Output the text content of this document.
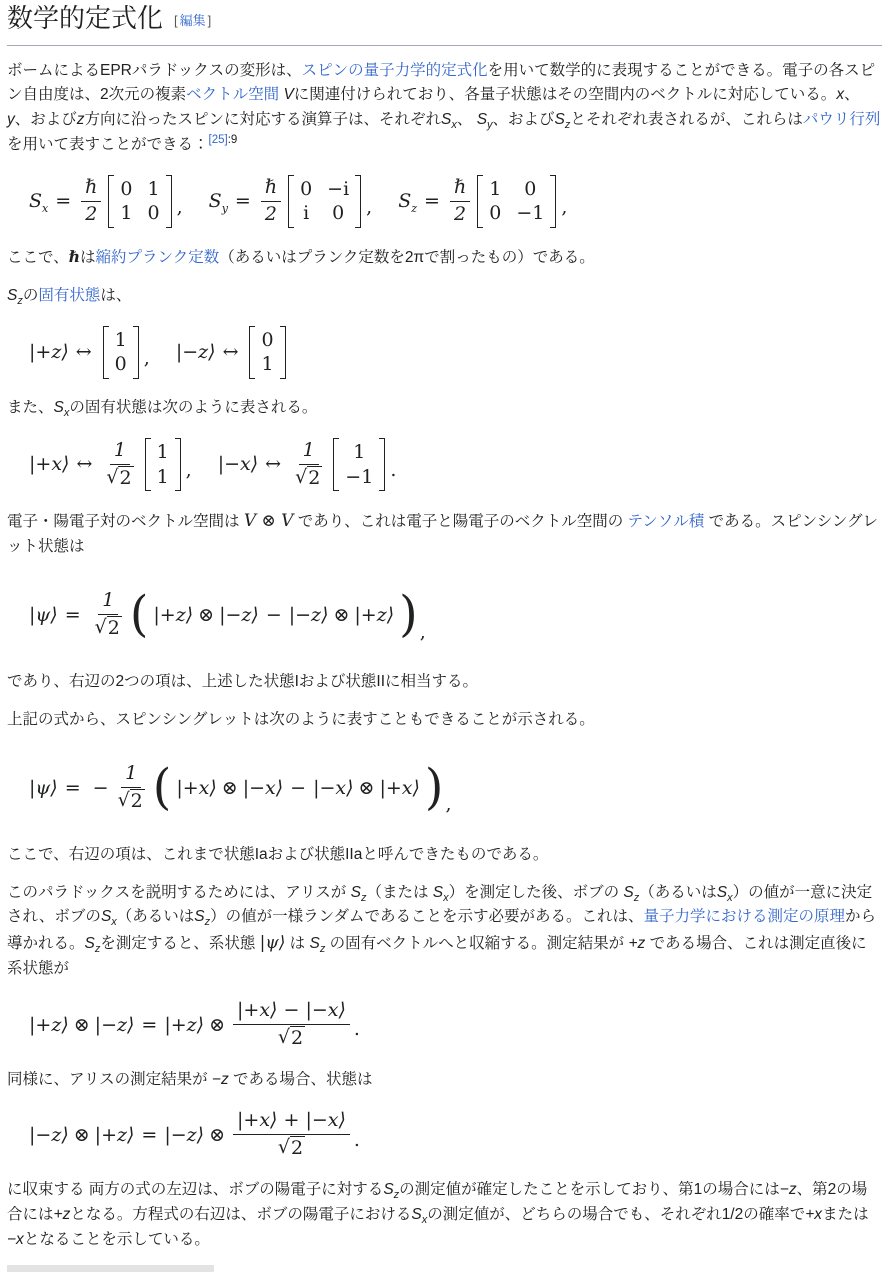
数学的定式化 [ 編集 ]

ボームによるEPRパラドックスの変形は、スピンの量子力学的定式化を用いて数学的に表現することができる。電子の各スピン自由度は、2次元の複素ベクトル空間 Vに関連付けられており、各量子状態はその空間内のベクトルに対応している。x、y、およびz方向に沿ったスピンに対応する演算子は、それぞれ$S_x$、 $S_y$、および$S_z$とそれぞれ表されるが、これらはパウリ行列を用いて表すことができる：$^{[25]:9}$

$S_x = \frac{\text{ℏ}}{2} 0$ 1
1 0 , $S_y = \frac{\text{ℏ}}{2} 0 -i$
i 0 , $S_z = \frac{\text{ℏ}}{2} 1$	0
0 −1 ,

ここで、ℏは縮約プランク定数（あるいはプランク定数を2πで割ったもの）である。

$S_z$の固有状態は、

|+z⟩ ↔
1
0 , |−z⟩ ↔
0
1

また、$S_x$の固有状態は次のように表される。

|+x⟩ ↔ $\frac{1}{√ 2} 1$
1 , |−x⟩ ↔ $\frac{1}{√ 2}$	1
−1 .

電子・陽電子対のベクトル空間は V ⊗ V であり、これは電子と陽電子のベクトル空間の テンソル積 である。スピンシングレット状態は

|ψ⟩ = $\frac{1}{√ 2}$ ( |+z⟩ ⊗ |−z⟩ − |−z⟩ ⊗ |+z⟩ ) ,

であり、右辺の2つの項は、上述した状態Iおよび状態IIに相当する。

上記の式から、スピンシングレットは次のように表すこともできることが示される。

|ψ⟩ = − $\frac{1}{√ 2}$ ( |+x⟩ ⊗ |−x⟩ − |−x⟩ ⊗ |+x⟩ ) ,

ここで、右辺の項は、これまで状態Iaおよび状態IIaと呼んできたものである。

このパラドックスを説明するためには、アリスが $S_z$（または $S_x$）を測定した後、ボブの $S_z$（あるいは$S_x$）の値が一意に決定され、ボブの$S_x$（あるいは$S_z$）の値が一様ランダムであることを示す必要がある。これは、量子力学における測定の原理から導かれる。$S_z$を測定すると、系状態 |ψ⟩ は $S_z$ の固有ベクトルへと収縮する。測定結果が +z である場合、これは測定直後に系状態が

|+z⟩ ⊗ |−z⟩ = |+z⟩ ⊗ $\frac{|+x⟩ - |-x⟩}{√ 2}$ .

同様に、アリスの測定結果が −z である場合、状態は

|−z⟩ ⊗ |+z⟩ = |−z⟩ ⊗ $\frac{|+x⟩ + |-x⟩}{√ 2}$ .

に収束する 両方の式の左辺は、ボブの陽電子に対する$S_z$の測定値が確定したことを示しており、第1の場合には−z、第2の場合には+zとなる。方程式の右辺は、ボブの陽電子における$S_x$の測定値が、どちらの場合でも、それぞれ1/2の確率で+xまたは−xとなることを示している。
